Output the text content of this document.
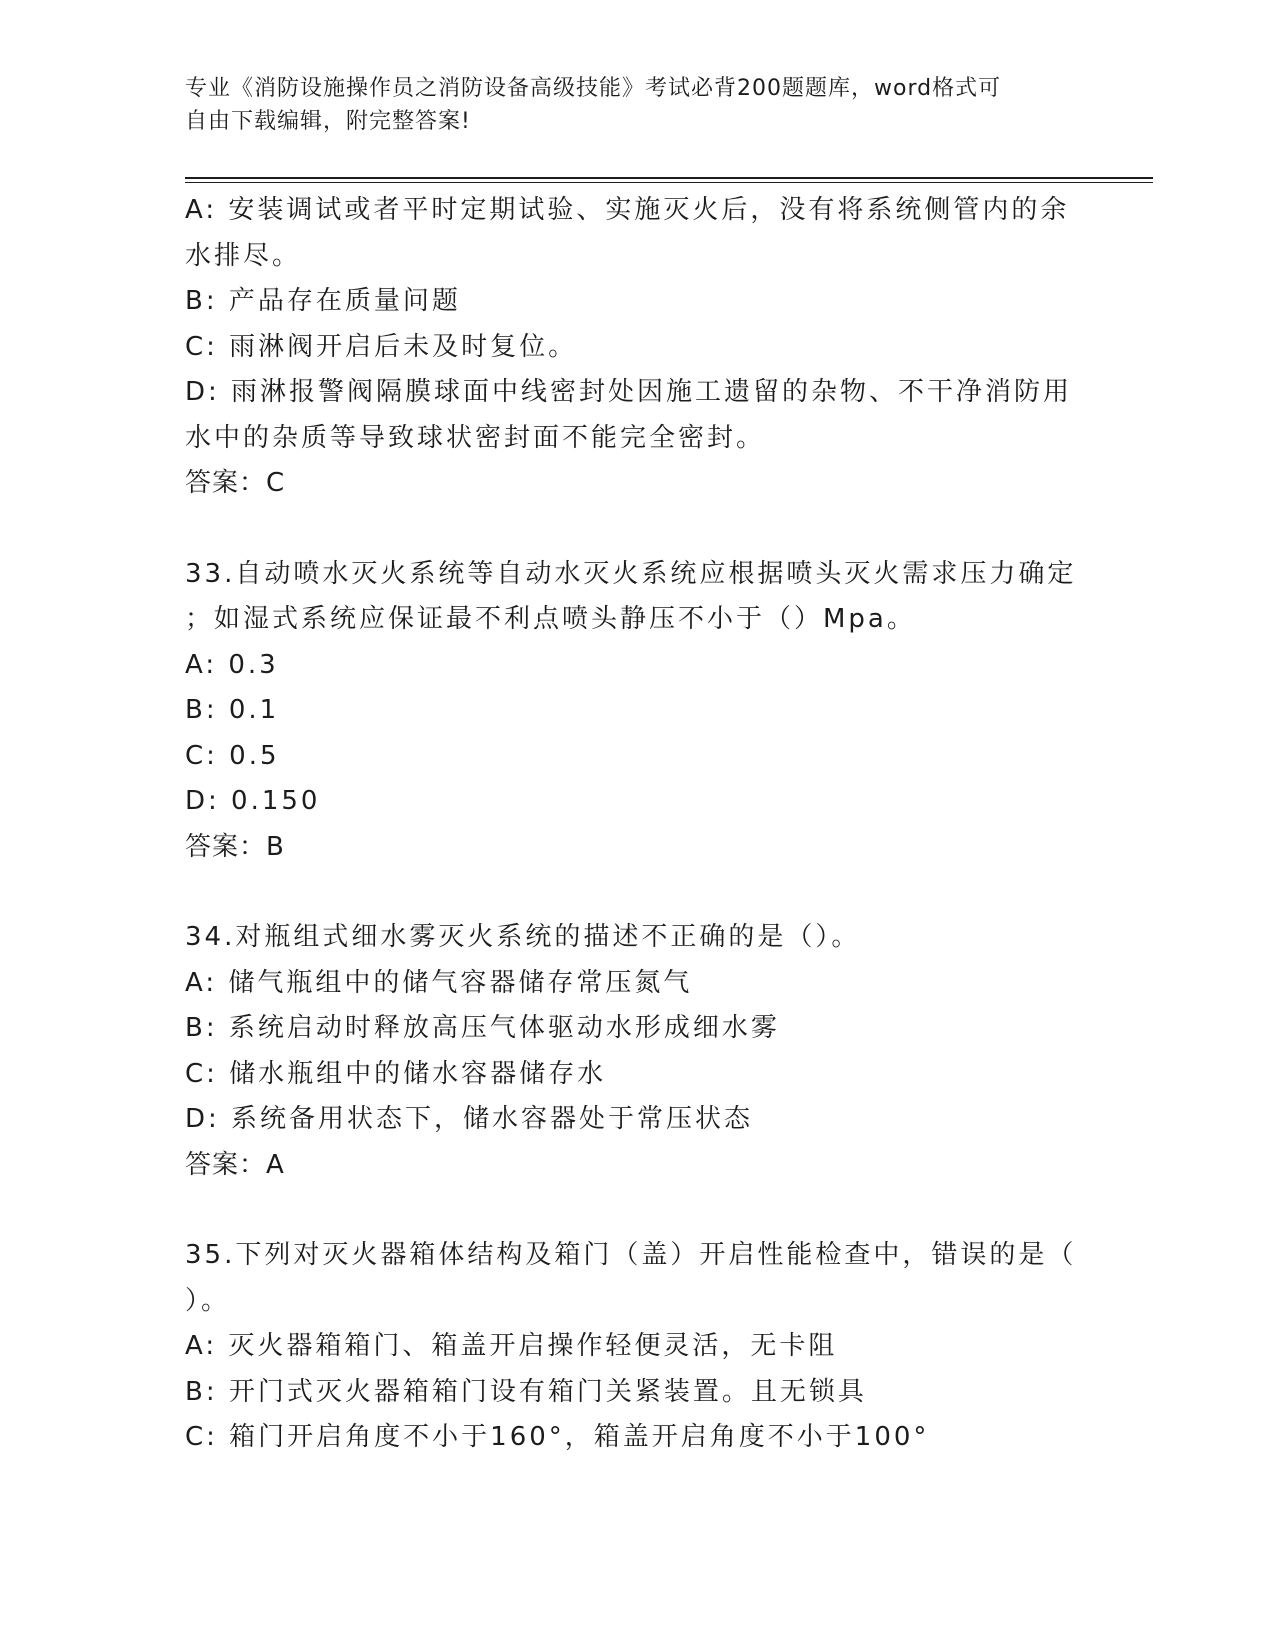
专业《消防设施操作员之消防设备高级技能》考试必背200题题库，word格式可
自由下载编辑，附完整答案!
A: 安装调试或者平时定期试验、实施灭火后，没有将系统侧管内的余
水排尽。
B: 产品存在质量问题
C: 雨淋阀开启后未及时复位。
D: 雨淋报警阀隔膜球面中线密封处因施工遗留的杂物、不干净消防用
水中的杂质等导致球状密封面不能完全密封。
答案：C
33.自动喷水灭火系统等自动水灭火系统应根据喷头灭火需求压力确定
；如湿式系统应保证最不利点喷头静压不小于（）Mpa。
A: 0.3
B: 0.1
C: 0.5
D: 0.150
答案：B
34.对瓶组式细水雾灭火系统的描述不正确的是（）。
A: 储气瓶组中的储气容器储存常压氮气
B: 系统启动时释放高压气体驱动水形成细水雾
C: 储水瓶组中的储水容器储存水
D: 系统备用状态下，储水容器处于常压状态
答案：A
35.下列对灭火器箱体结构及箱门（盖）开启性能检查中，错误的是（
）。
A: 灭火器箱箱门、箱盖开启操作轻便灵活，无卡阻
B: 开门式灭火器箱箱门设有箱门关紧装置。且无锁具
C: 箱门开启角度不小于160°，箱盖开启角度不小于100°
